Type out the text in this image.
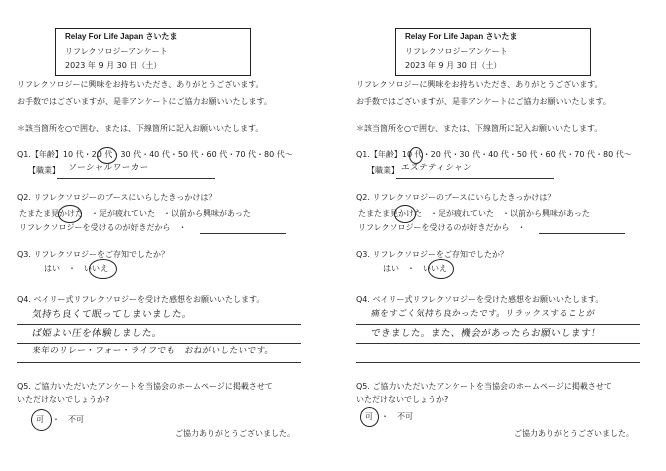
Relay For Life Japan さいたま
リフレクソロジーアンケート
2023 年 9 月 30 日（土）
リフレクソロジーに興味をお持ちいただき、ありがとうございます。
お手数ではございますが、是非アンケートにご協力お願いいたします。
＊該当箇所を○で囲む、または、下線箇所に記入お願いいたします。
Q1.【年齢】10 代・20 代・30 代・40 代・50 代・60 代・70 代・80 代〜
【職業】 ソーシャルワーカー
Q2. リフレクソロジーのブースにいらしたきっかけは？
たまたま見かけた　・足が疲れていた　・以前から興味があった
リフレクソロジーを受けるのが好きだから　・
Q3. リフレクソロジーをご存知でしたか？
はい　・　いいえ
Q4. ベイリー式リフレクソロジーを受けた感想をお願いいたします。
気持ち良くて眠ってしまいました。
ぱ姫よい圧を体験しました。
来年のリレー・フォー・ライフでも　おねがいしたいです。
Q5. ご協力いただいたアンケートを当協会のホームページに掲載させて
いただけないでしょうか?
可　・　不可
ご協力ありがとうございました。
Relay For Life Japan さいたま
リフレクソロジーアンケート
2023 年 9 月 30 日（土）
リフレクソロジーに興味をお持ちいただき、ありがとうございます。
お手数ではございますが、是非アンケートにご協力お願いいたします。
＊該当箇所を○で囲む、または、下線箇所に記入お願いいたします。
Q1.【年齢】10 代・20 代・30 代・40 代・50 代・60 代・70 代・80 代〜
【職業】 エステティシャン
Q2. リフレクソロジーのブースにいらしたきっかけは？
たまたま見かけた　・足が疲れていた　・以前から興味があった
リフレクソロジーを受けるのが好きだから　・
Q3. リフレクソロジーをご存知でしたか？
はい　・　いいえ
Q4. ベイリー式リフレクソロジーを受けた感想をお願いいたします。
痛をすごく気持ち良かったです。リラックスすることが
できました。また、機会があったらお願いします！
Q5. ご協力いただいたアンケートを当協会のホームページに掲載させて
いただけないでしょうか?
可　・　不可
ご協力ありがとうございました。
